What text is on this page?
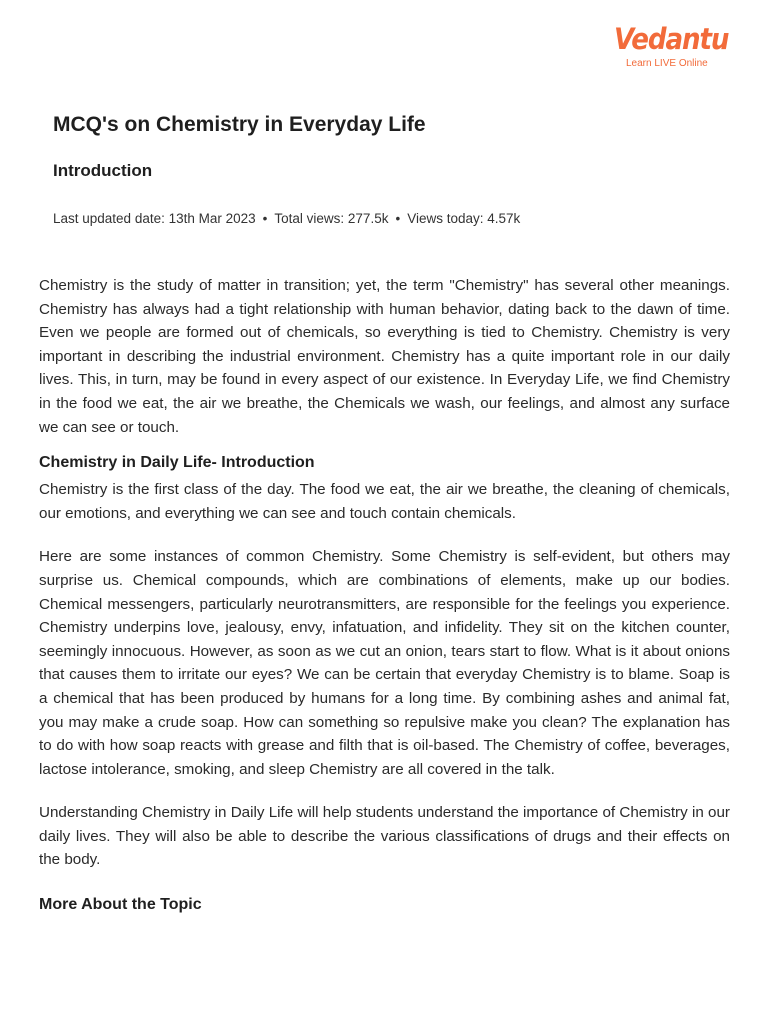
Vedantu
Learn LIVE Online
MCQ's on Chemistry in Everyday Life
Introduction
Last updated date: 13th Mar 2023 • Total views: 277.5k • Views today: 4.57k

Chemistry is the study of matter in transition; yet, the term "Chemistry" has several other meanings. Chemistry has always had a tight relationship with human behavior, dating back to the dawn of time. Even we people are formed out of chemicals, so everything is tied to Chemistry. Chemistry is very important in describing the industrial environment. Chemistry has a quite important role in our daily lives. This, in turn, may be found in every aspect of our existence. In Everyday Life, we find Chemistry in the food we eat, the air we breathe, the Chemicals we wash, our feelings, and almost any surface we can see or touch.

Chemistry in Daily Life- Introduction

Chemistry is the first class of the day. The food we eat, the air we breathe, the cleaning of chemicals, our emotions, and everything we can see and touch contain chemicals.

Here are some instances of common Chemistry. Some Chemistry is self-evident, but others may surprise us. Chemical compounds, which are combinations of elements, make up our bodies. Chemical messengers, particularly neurotransmitters, are responsible for the feelings you experience. Chemistry underpins love, jealousy, envy, infatuation, and infidelity. They sit on the kitchen counter, seemingly innocuous. However, as soon as we cut an onion, tears start to flow. What is it about onions that causes them to irritate our eyes? We can be certain that everyday Chemistry is to blame. Soap is a chemical that has been produced by humans for a long time. By combining ashes and animal fat, you may make a crude soap. How can something so repulsive make you clean? The explanation has to do with how soap reacts with grease and filth that is oil-based. The Chemistry of coffee, beverages, lactose intolerance, smoking, and sleep Chemistry are all covered in the talk.

Understanding Chemistry in Daily Life will help students understand the importance of Chemistry in our daily lives. They will also be able to describe the various classifications of drugs and their effects on the body.

More About the Topic
